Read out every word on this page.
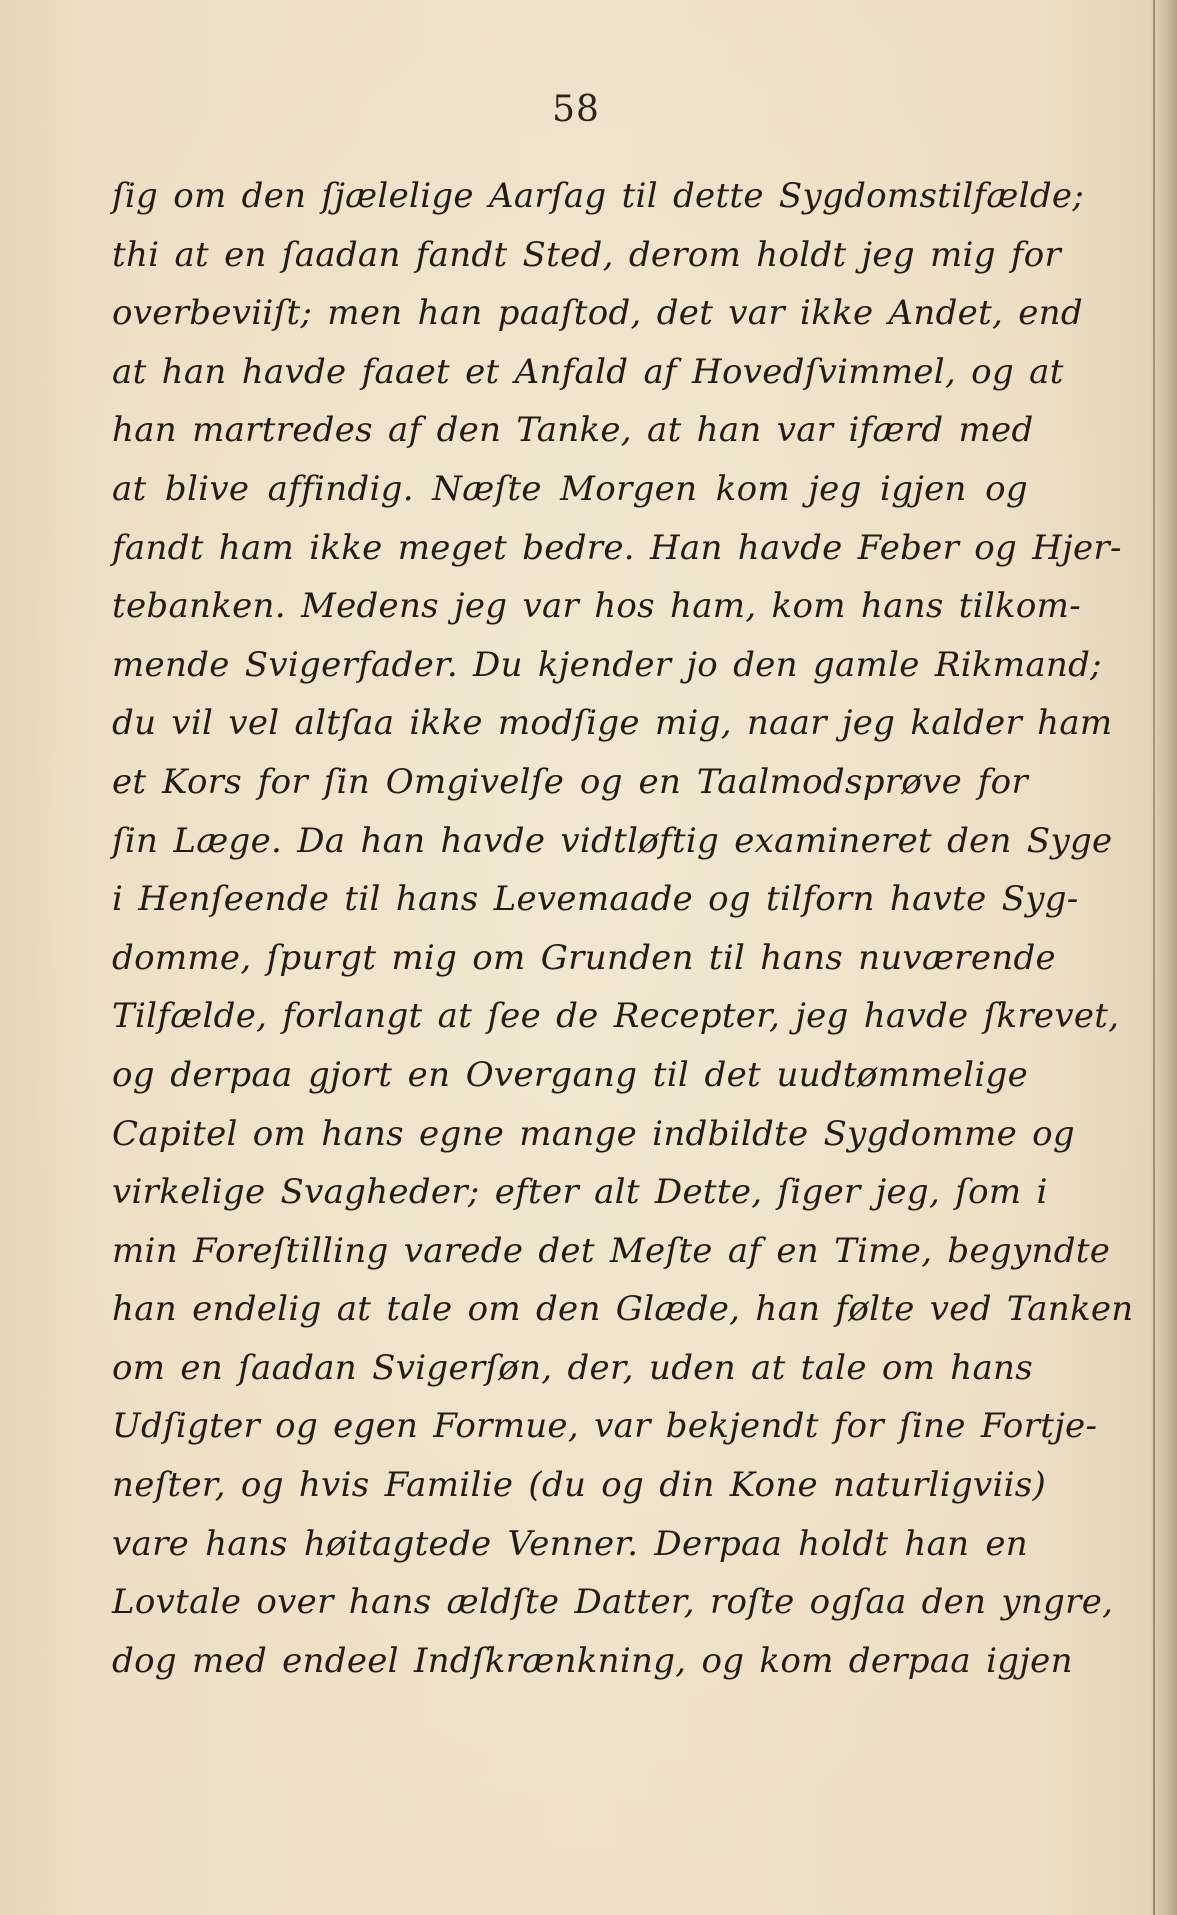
58
ſig om den ſjælelige Aarſag til dette Sygdomstilfælde;
thi at en ſaadan fandt Sted, derom holdt jeg mig for
overbeviiſt; men han paaſtod, det var ikke Andet, end
at han havde faaet et Anfald af Hovedſvimmel, og at
han martredes af den Tanke, at han var ifærd med
at blive affindig. Næſte Morgen kom jeg igjen og
fandt ham ikke meget bedre. Han havde Feber og Hjer-
tebanken. Medens jeg var hos ham, kom hans tilkom-
mende Svigerfader. Du kjender jo den gamle Rikmand;
du vil vel altſaa ikke modſige mig, naar jeg kalder ham
et Kors for ſin Omgivelſe og en Taalmodsprøve for
ſin Læge. Da han havde vidtløftig examineret den Syge
i Henſeende til hans Levemaade og tilforn havte Syg-
domme, ſpurgt mig om Grunden til hans nuværende
Tilfælde, forlangt at ſee de Recepter, jeg havde ſkrevet,
og derpaa gjort en Overgang til det uudtømmelige
Capitel om hans egne mange indbildte Sygdomme og
virkelige Svagheder; efter alt Dette, ſiger jeg, ſom i
min Foreſtilling varede det Meſte af en Time, begyndte
han endelig at tale om den Glæde, han følte ved Tanken
om en ſaadan Svigerſøn, der, uden at tale om hans
Udſigter og egen Formue, var bekjendt for ſine Fortje-
neſter, og hvis Familie (du og din Kone naturligviis)
vare hans høitagtede Venner. Derpaa holdt han en
Lovtale over hans ældſte Datter, roſte ogſaa den yngre,
dog med endeel Indſkrænkning, og kom derpaa igjen
